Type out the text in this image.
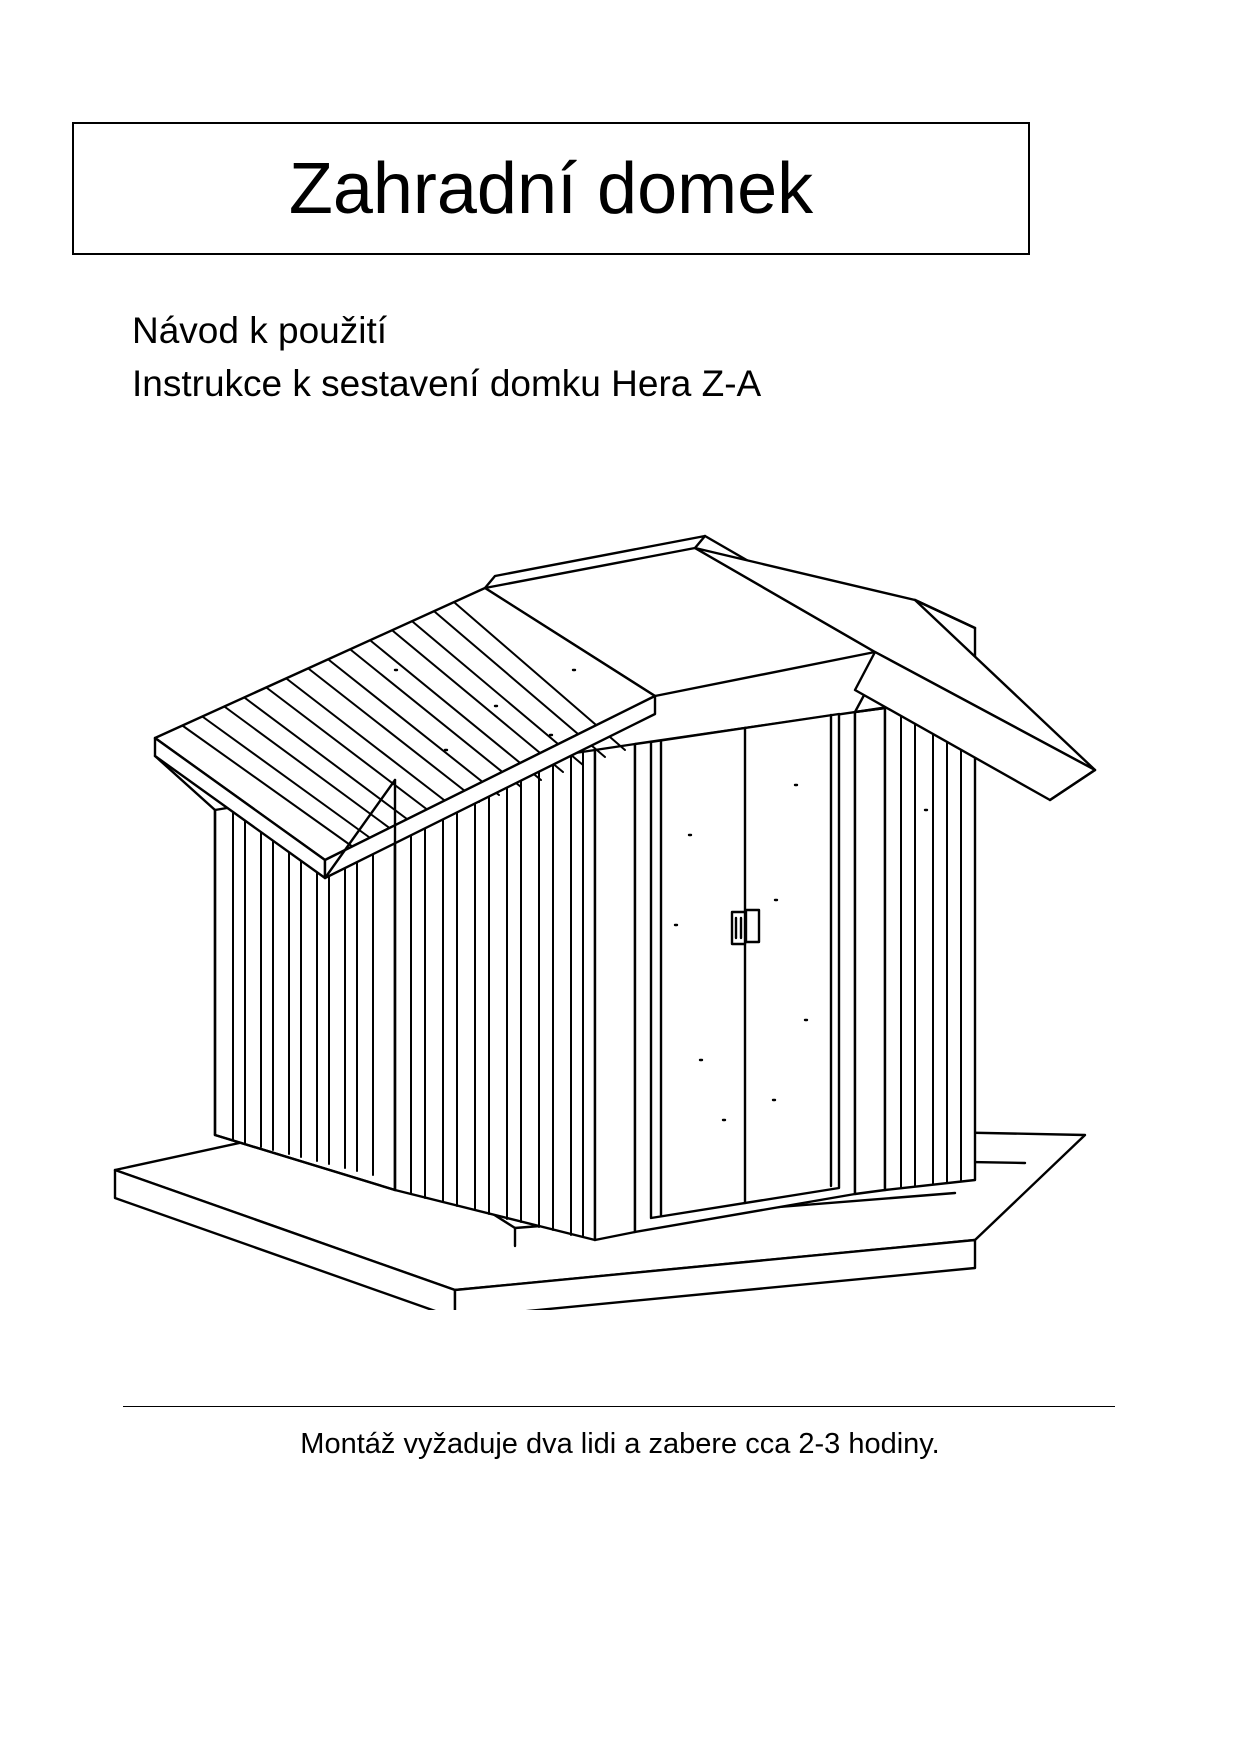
Zahradní domek
Návod k použití
Instrukce k sestavení domku Hera Z-A
Montáž vyžaduje dva lidi a zabere cca 2-3 hodiny.
